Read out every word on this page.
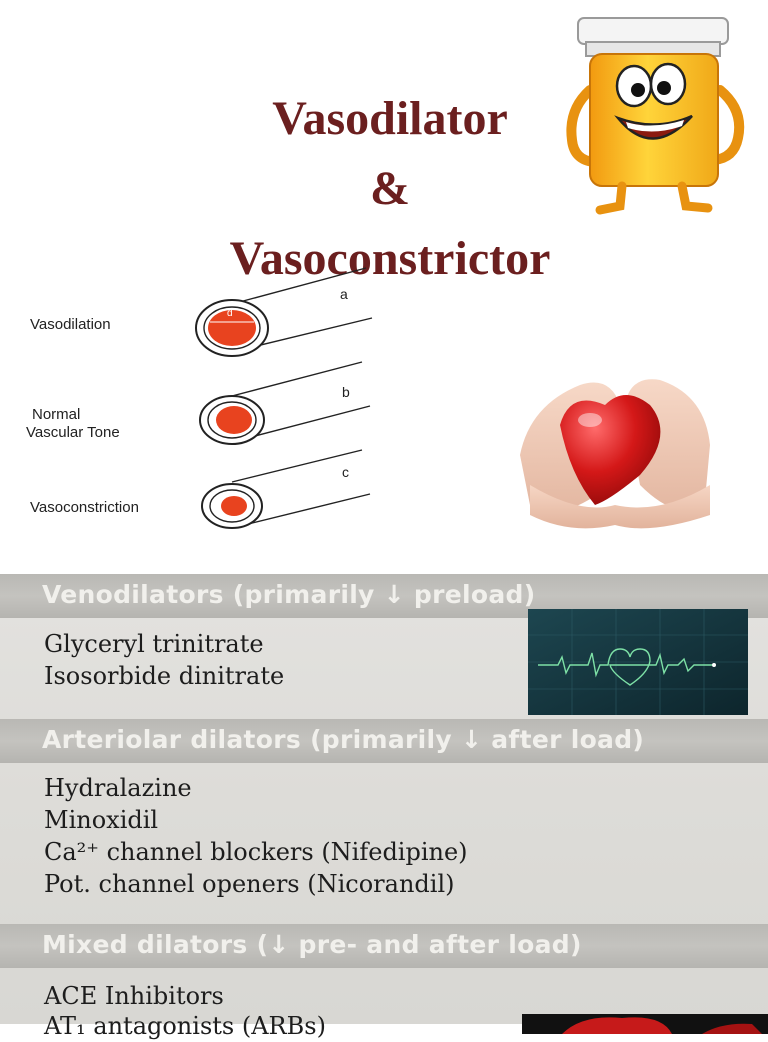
Vasodilator
&
Vasoconstrictor
Vasodilation
Normal
Vascular Tone
Vasoconstriction
a
b
c
d
Venodilators (primarily ↓ preload)
Glyceryl trinitrate
Isosorbide dinitrate
Arteriolar dilators (primarily ↓ after load)
Hydralazine
Minoxidil
Ca²⁺ channel blockers (Nifedipine)
Pot. channel openers (Nicorandil)
Mixed dilators (↓ pre- and after load)
ACE Inhibitors
AT₁ antagonists (ARBs)
